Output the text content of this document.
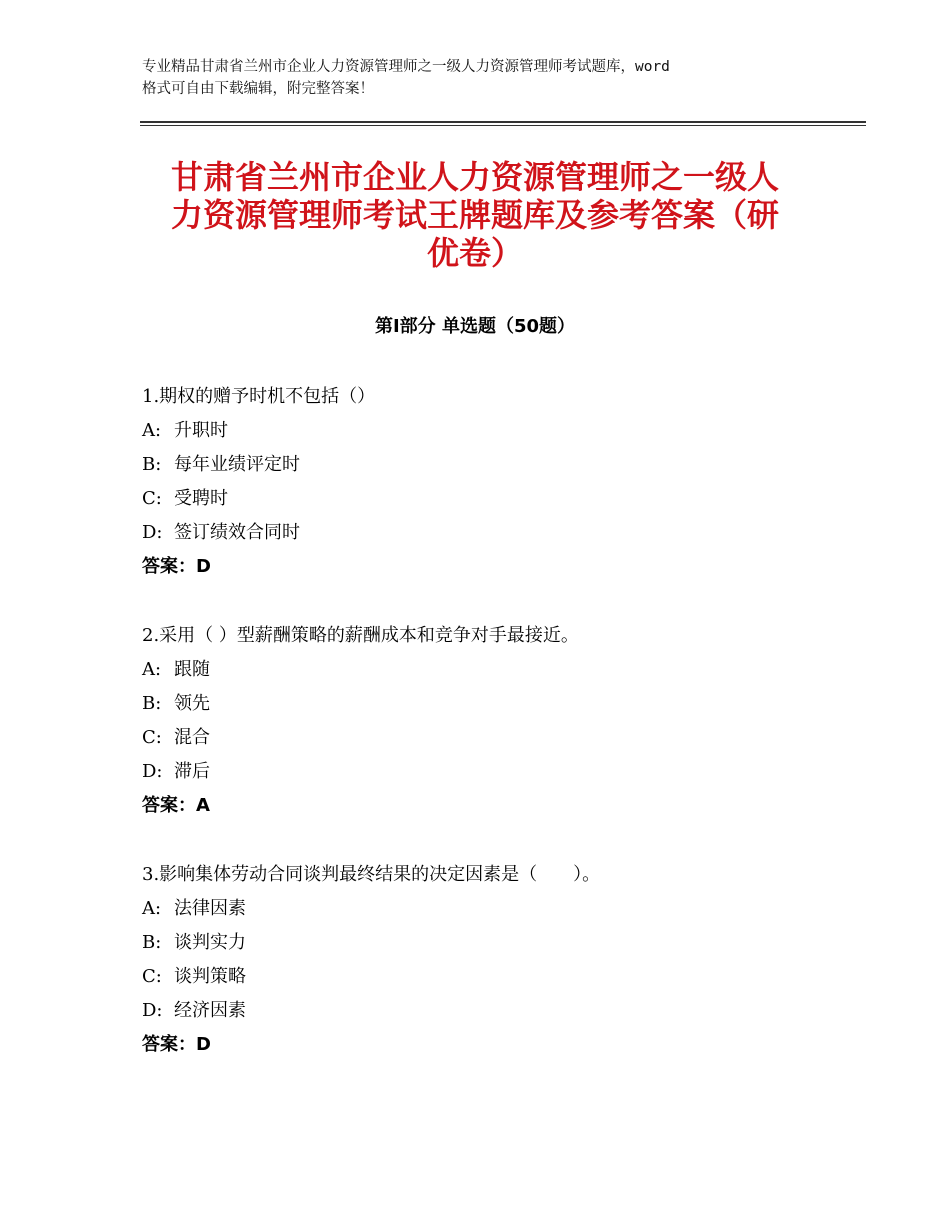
专业精品甘肃省兰州市企业人力资源管理师之一级人力资源管理师考试题库，word
格式可自由下载编辑，附完整答案！
甘肃省兰州市企业人力资源管理师之一级人
力资源管理师考试王牌题库及参考答案（研
优卷）
第Ⅰ部分 单选题（50题）
1.期权的赠予时机不包括（）
A: 升职时
B: 每年业绩评定时
C: 受聘时
D: 签订绩效合同时
答案：D
2.采用（ ）型薪酬策略的薪酬成本和竞争对手最接近。
A: 跟随
B: 领先
C: 混合
D: 滞后
答案：A
3.影响集体劳动合同谈判最终结果的决定因素是（　　）。
A: 法律因素
B: 谈判实力
C: 谈判策略
D: 经济因素
答案：D
